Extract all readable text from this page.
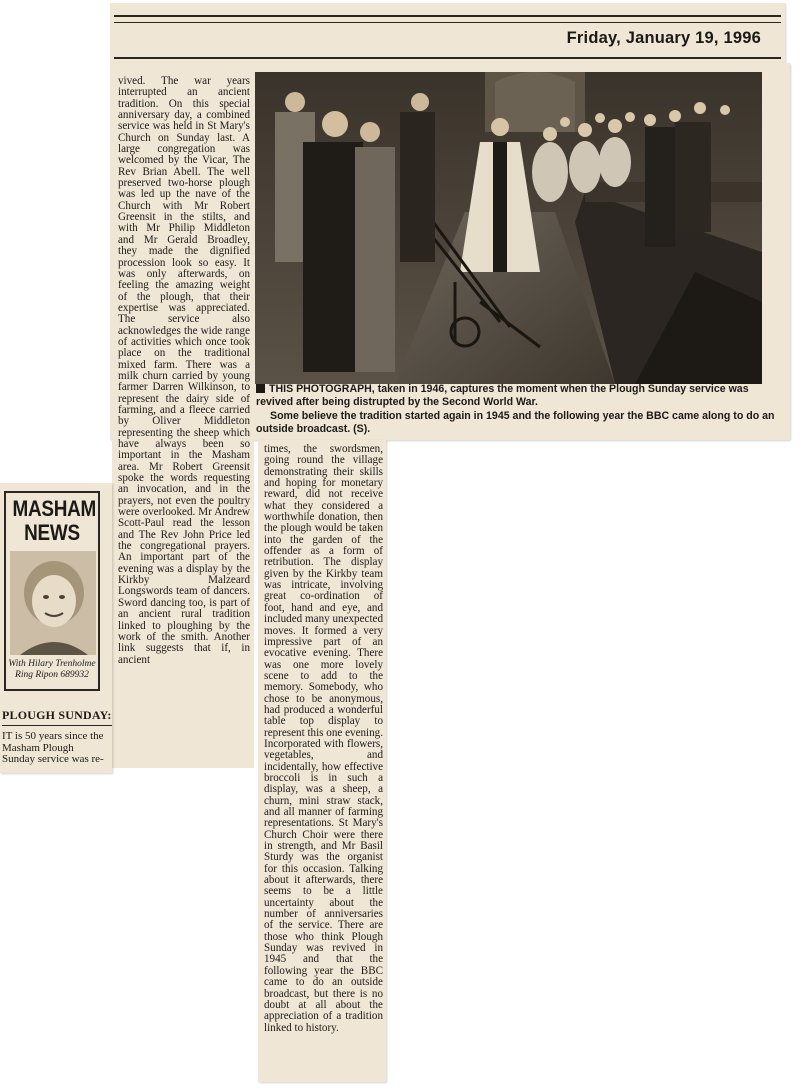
Friday, January 19, 1996
vived. The war years interrupted an ancient tradition. On this special anniversary day, a combined service was held in St Mary's Church on Sunday last. A large congregation was welcomed by the Vicar, The Rev Brian Abell. The well preserved two-horse plough was led up the nave of the Church with Mr Robert Greensit in the stilts, and with Mr Philip Middleton and Mr Gerald Broadley, they made the dignified procession look so easy. It was only afterwards, on feeling the amazing weight of the plough, that their expertise was appreciated. The service also acknowledges the wide range of activities which once took place on the traditional mixed farm. There was a milk churn carried by young farmer Darren Wilkinson, to represent the dairy side of farming, and a fleece carried by Oliver Middleton representing the sheep which have always been so important in the Masham area. Mr Robert Greensit spoke the words requesting an invocation, and in the prayers, not even the poultry were overlooked. Mr Andrew Scott-Paul read the lesson and The Rev John Price led the congregational prayers. An important part of the evening was a display by the Kirkby Malzeard Longswords team of dancers. Sword dancing too, is part of an ancient rural tradition linked to ploughing by the work of the smith. Another link suggests that if, in ancient

THIS PHOTOGRAPH, taken in 1946, captures the moment when the Plough Sunday service was revived after being distrupted by the Second World War.

Some believe the tradition started again in 1945 and the following year the BBC came along to do an outside broadcast. (S).

MASHAM NEWS
With Hilary Trenholme
Ring Ripon 689932
PLOUGH SUNDAY:
IT is 50 years since the Masham Plough Sunday service was re-
times, the swordsmen, going round the village demonstrating their skills and hoping for monetary reward, did not receive what they considered a worthwhile donation, then the plough would be taken into the garden of the offender as a form of retribution. The display given by the Kirkby team was intricate, involving great co-ordination of foot, hand and eye, and included many unexpected moves. It formed a very impressive part of an evocative evening. There was one more lovely scene to add to the memory. Somebody, who chose to be anonymous, had produced a wonderful table top display to represent this one evening. Incorporated with flowers, vegetables, and incidentally, how effective broccoli is in such a display, was a sheep, a churn, mini straw stack, and all manner of farming representations. St Mary's Church Choir were there in strength, and Mr Basil Sturdy was the organist for this occasion. Talking about it afterwards, there seems to be a little uncertainty about the number of anniversaries of the service. There are those who think Plough Sunday was revived in 1945 and that the following year the BBC came to do an outside broadcast, but there is no doubt at all about the appreciation of a tradition linked to history.
